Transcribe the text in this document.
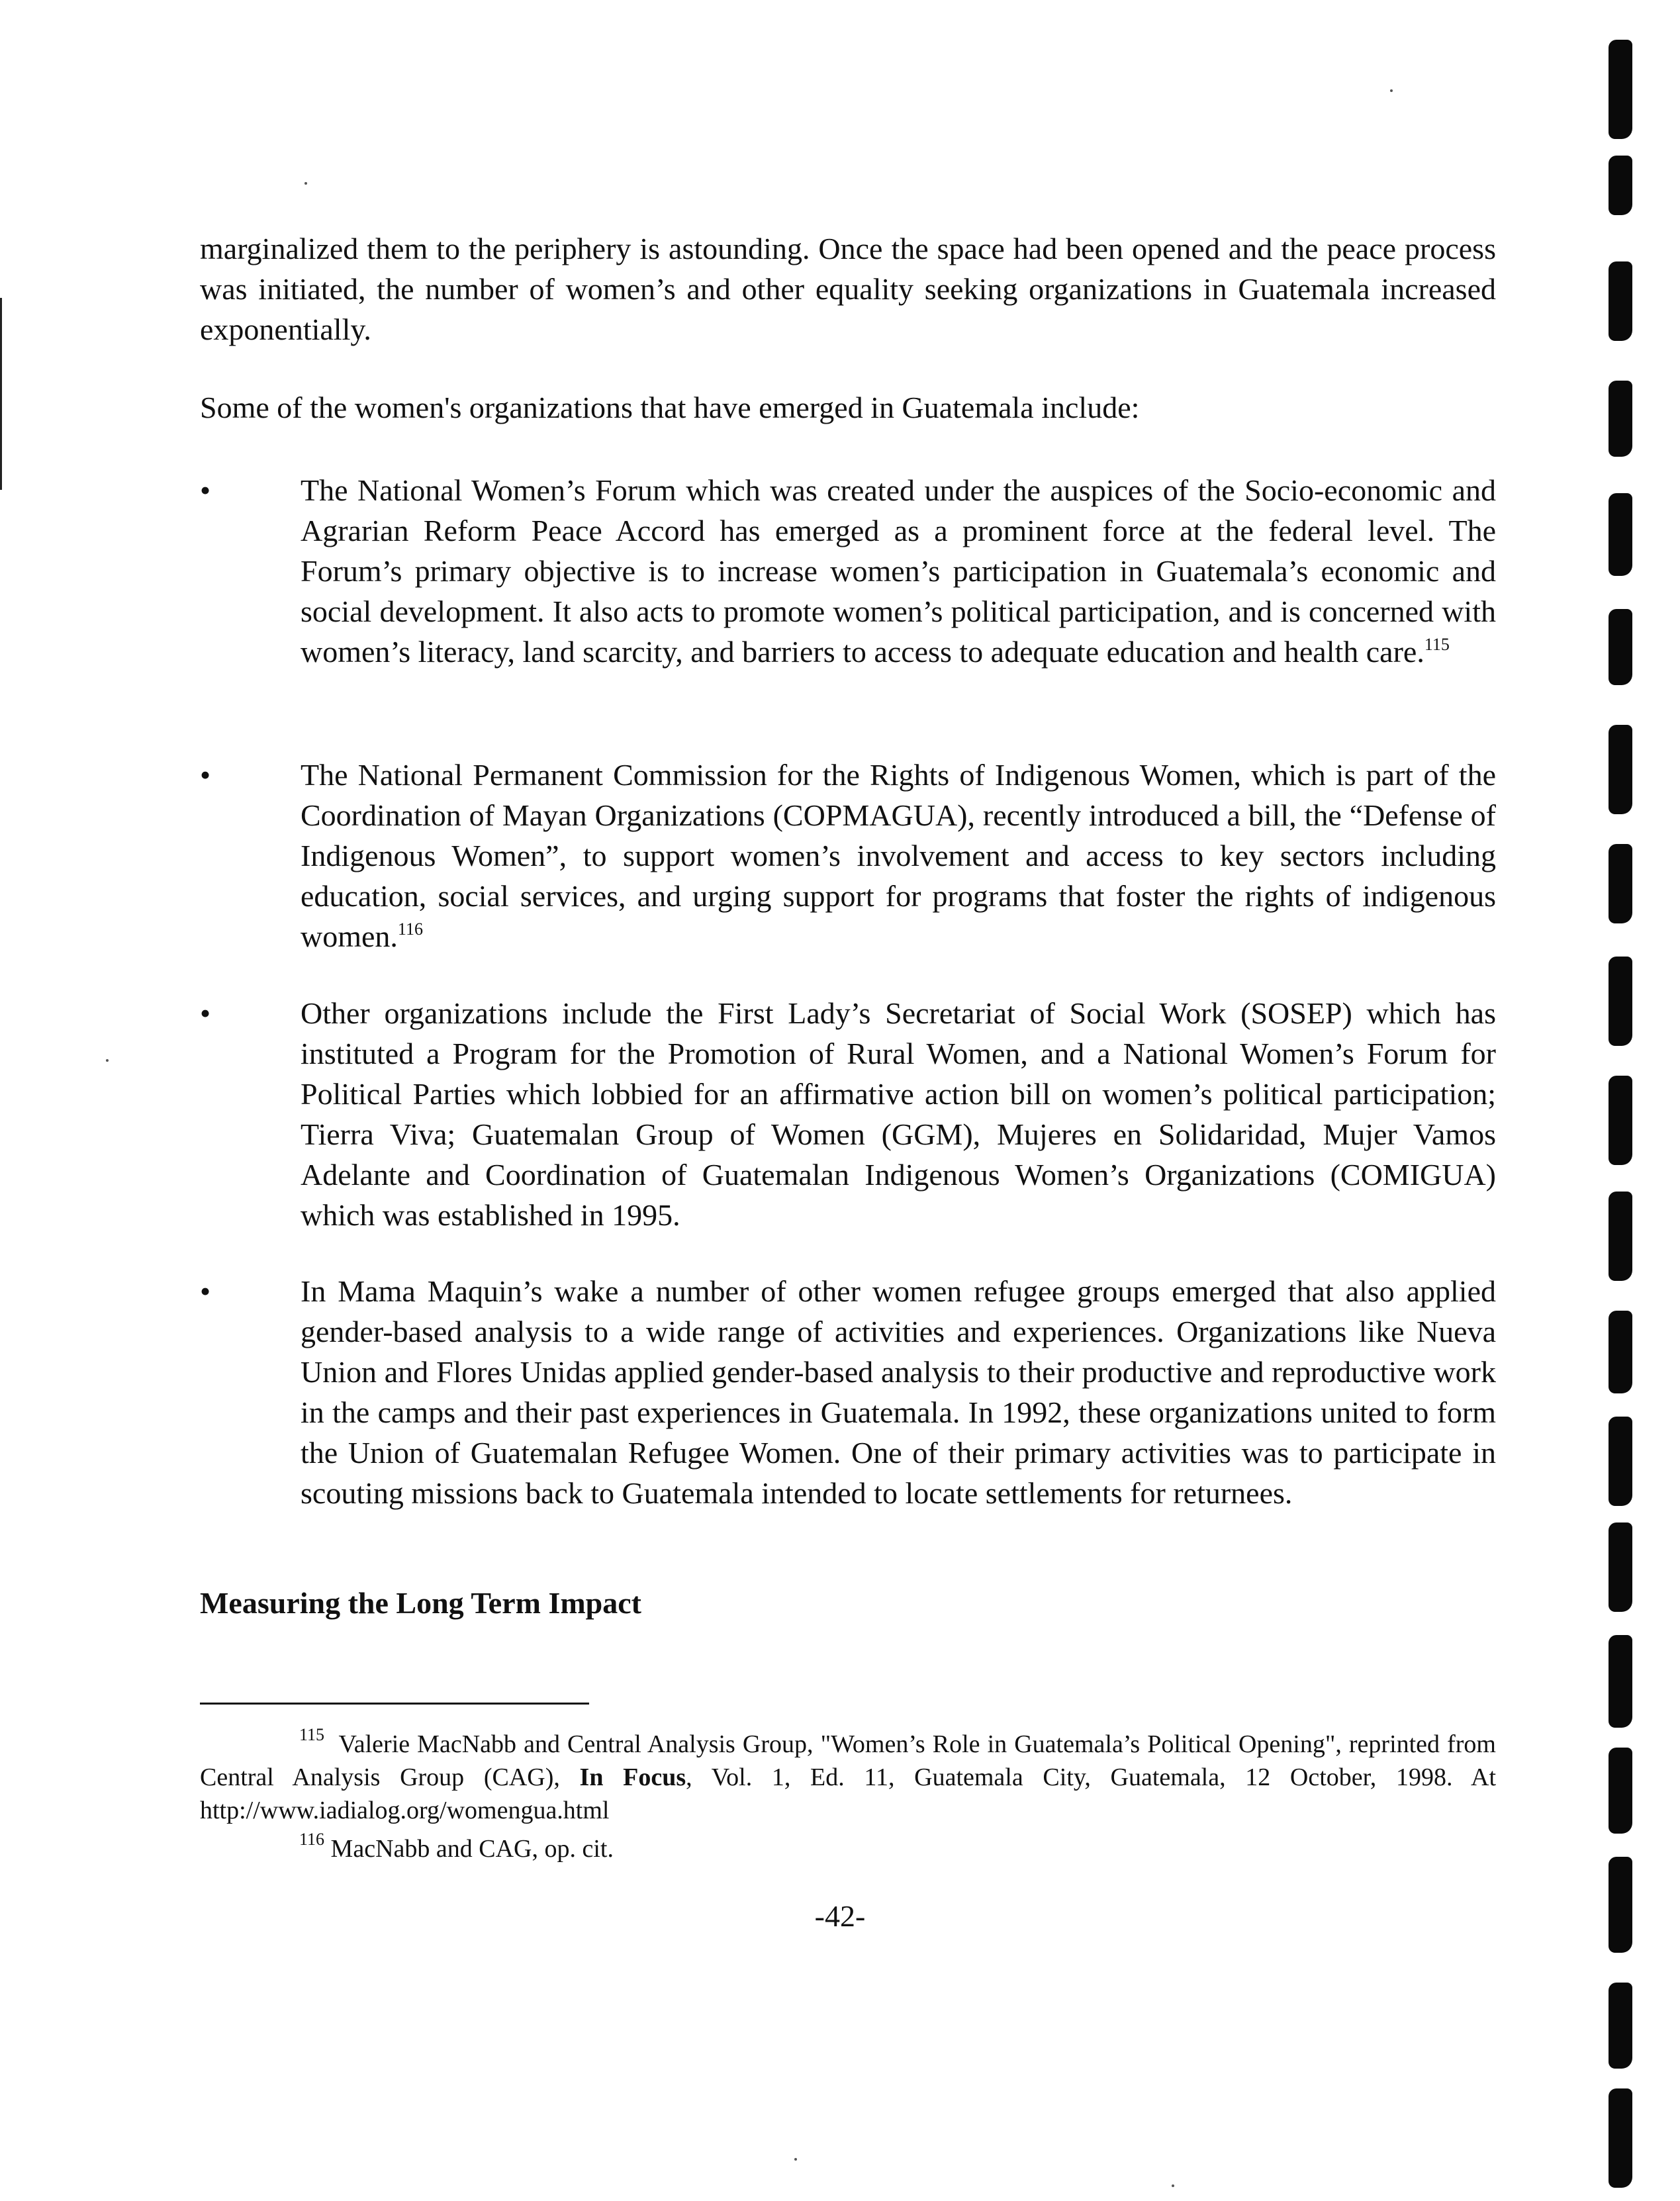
marginalized them to the periphery is astounding. Once the space had been opened and the peace process was initiated, the number of women’s and other equality seeking organizations in Guatemala increased exponentially.

Some of the women's organizations that have emerged in Guatemala include:

•	The National Women’s Forum which was created under the auspices of the Socio-economic and Agrarian Reform Peace Accord has emerged as a prominent force at the federal level. The Forum’s primary objective is to increase women’s participation in Guatemala’s economic and social development. It also acts to promote women’s political participation, and is concerned with women’s literacy, land scarcity, and barriers to access to adequate education and health care.$^{115}$
•	The National Permanent Commission for the Rights of Indigenous Women, which is part of the Coordination of Mayan Organizations (COPMAGUA), recently introduced a bill, the “Defense of Indigenous Women”, to support women’s involvement and access to key sectors including education, social services, and urging support for programs that foster the rights of indigenous women.$^{116}$
•	Other organizations include the First Lady’s Secretariat of Social Work (SOSEP) which has instituted a Program for the Promotion of Rural Women, and a National Women’s Forum for Political Parties which lobbied for an affirmative action bill on women’s political participation; Tierra Viva; Guatemalan Group of Women (GGM), Mujeres en Solidaridad, Mujer Vamos Adelante and Coordination of Guatemalan Indigenous Women’s Organizations (COMIGUA) which was established in 1995.
•	In Mama Maquin’s wake a number of other women refugee groups emerged that also applied gender-based analysis to a wide range of activities and experiences. Organizations like Nueva Union and Flores Unidas applied gender-based analysis to their productive and reproductive work in the camps and their past experiences in Guatemala. In 1992, these organizations united to form the Union of Guatemalan Refugee Women. One of their primary activities was to participate in scouting missions back to Guatemala intended to locate settlements for returnees.
Measuring the Long Term Impact

$^{115}$ Valerie MacNabb and Central Analysis Group, "Women’s Role in Guatemala’s Political Opening", reprinted from Central Analysis Group (CAG), In Focus, Vol. 1, Ed. 11, Guatemala City, Guatemala, 12 October, 1998. At http://www.iadialog.org/womengua.html

$^{116}$ MacNabb and CAG, op. cit.

-42-
